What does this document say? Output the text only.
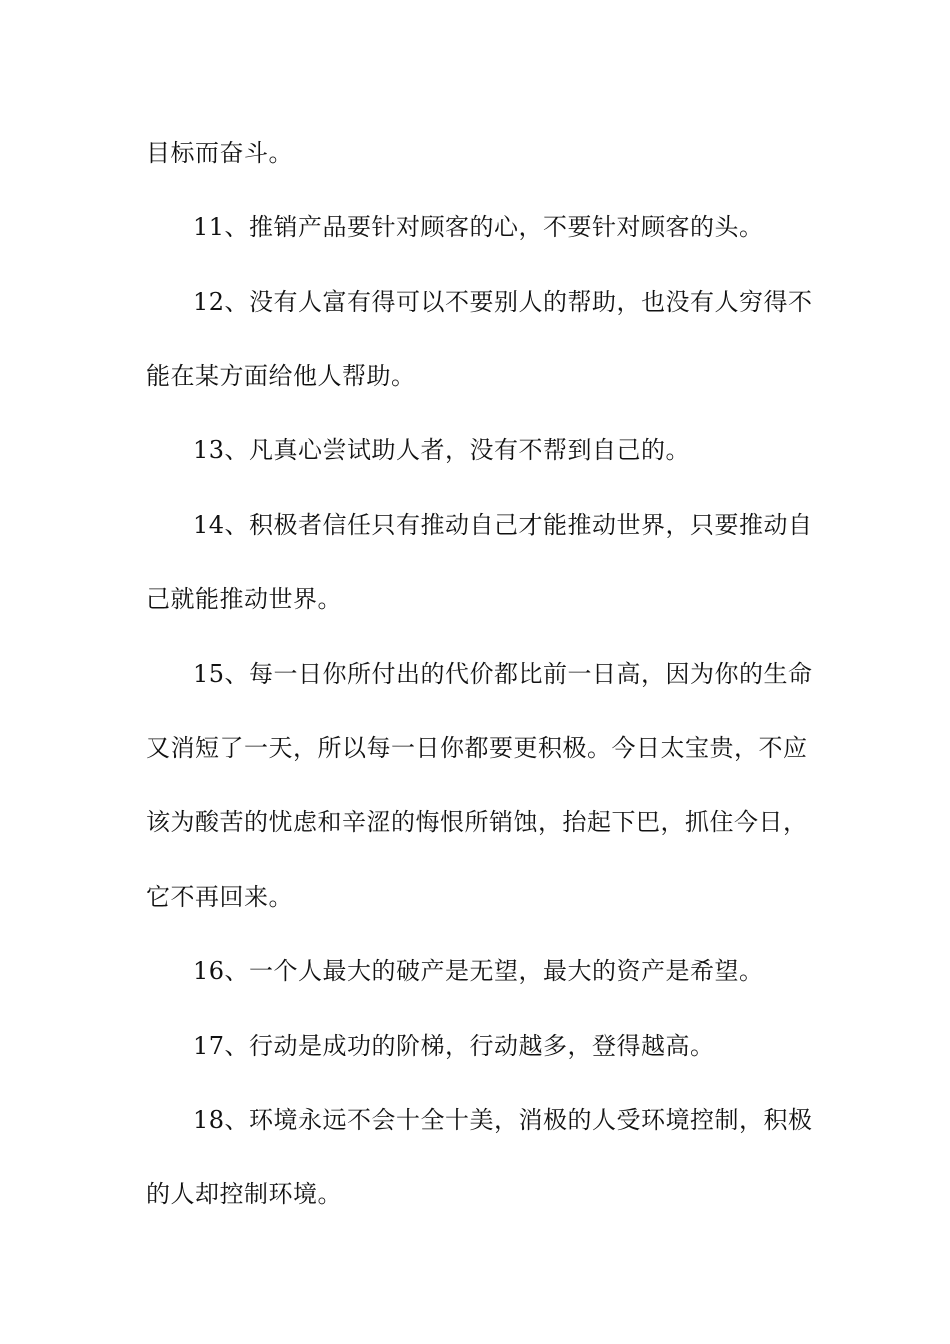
目标而奋斗。
11、推销产品要针对顾客的心，不要针对顾客的头。
12、没有人富有得可以不要别人的帮助，也没有人穷得不
能在某方面给他人帮助。
13、凡真心尝试助人者，没有不帮到自己的。
14、积极者信任只有推动自己才能推动世界，只要推动自
己就能推动世界。
15、每一日你所付出的代价都比前一日高，因为你的生命
又消短了一天，所以每一日你都要更积极。今日太宝贵，不应
该为酸苦的忧虑和辛涩的悔恨所销蚀，抬起下巴，抓住今日，
它不再回来。
16、一个人最大的破产是无望，最大的资产是希望。
17、行动是成功的阶梯，行动越多，登得越高。
18、环境永远不会十全十美，消极的人受环境控制，积极
的人却控制环境。
